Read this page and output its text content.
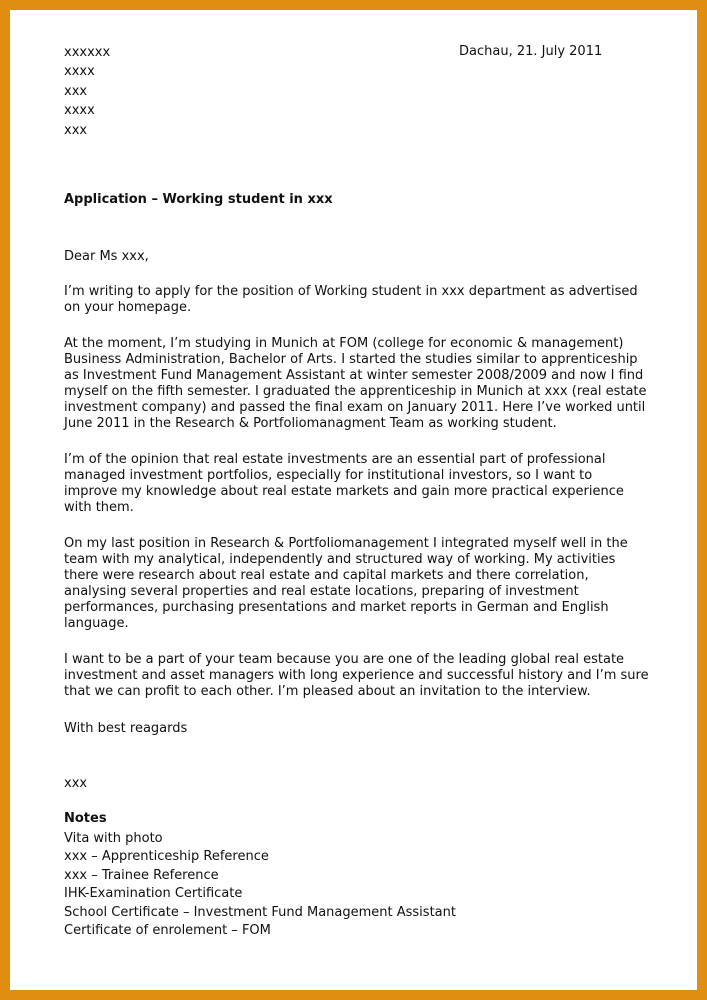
xxxxxx
xxxx
xxx
xxxx
xxx
Dachau, 21. July 2011
Application – Working student in xxx
Dear Ms xxx,
I’m writing to apply for the position of Working student in xxx department as advertised
on your homepage.
At the moment, I’m studying in Munich at FOM (college for economic & management)
Business Administration, Bachelor of Arts. I started the studies similar to apprenticeship
as Investment Fund Management Assistant at winter semester 2008/2009 and now I find
myself on the fifth semester. I graduated the apprenticeship in Munich at xxx (real estate
investment company) and passed the final exam on January 2011. Here I’ve worked until
June 2011 in the Research & Portfoliomanagment Team as working student.
I’m of the opinion that real estate investments are an essential part of professional
managed investment portfolios, especially for institutional investors, so I want to
improve my knowledge about real estate markets and gain more practical experience
with them.
On my last position in Research & Portfoliomanagement I integrated myself well in the
team with my analytical, independently and structured way of working. My activities
there were research about real estate and capital markets and there correlation,
analysing several properties and real estate locations, preparing of investment
performances, purchasing presentations and market reports in German and English
language.
I want to be a part of your team because you are one of the leading global real estate
investment and asset managers with long experience and successful history and I’m sure
that we can profit to each other. I’m pleased about an invitation to the interview.
With best reagards
xxx
Notes
Vita with photo
xxx – Apprenticeship Reference
xxx – Trainee Reference
IHK-Examination Certificate
School Certificate – Investment Fund Management Assistant
Certificate of enrolement – FOM
